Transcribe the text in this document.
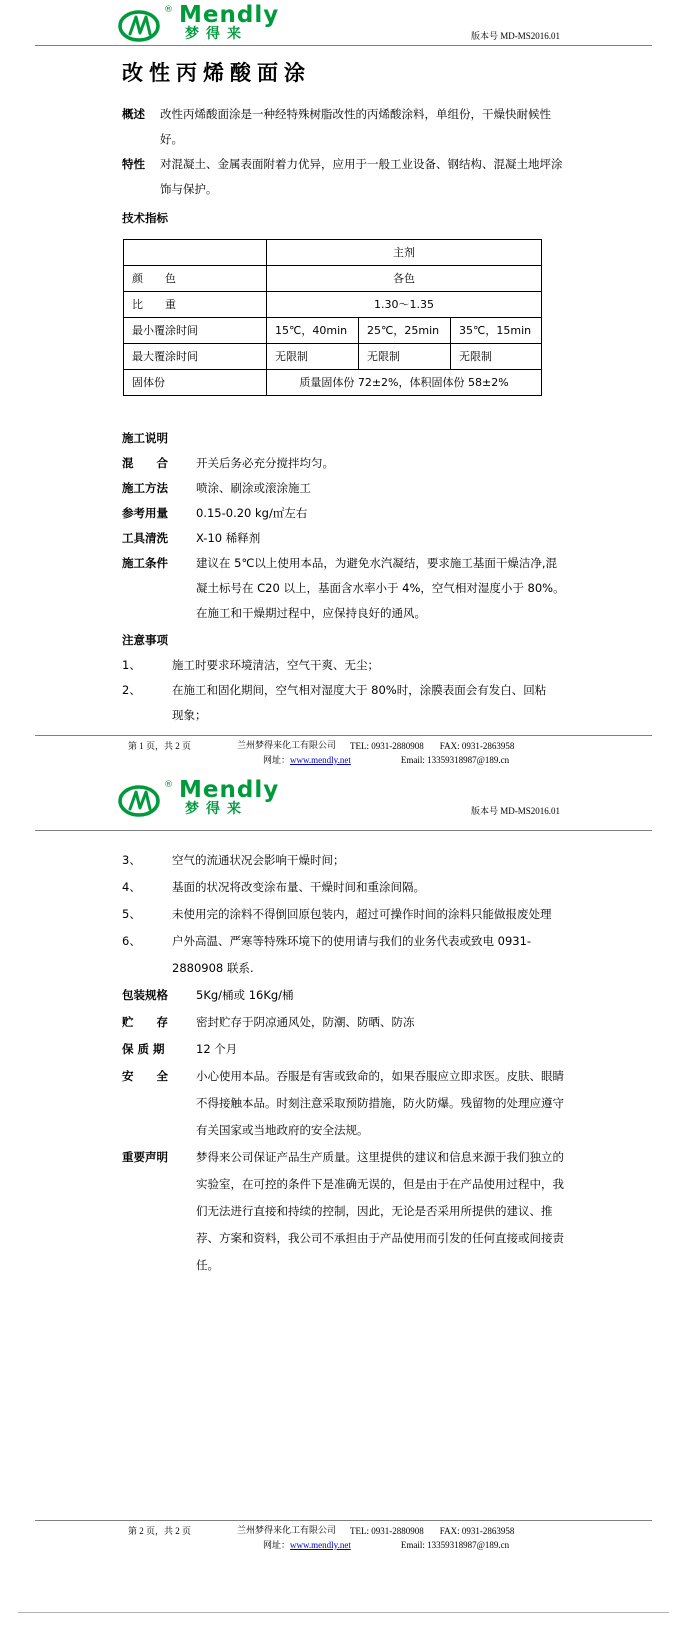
® Mendly
梦得来	版本号 MD-MS2016.01
改性丙烯酸面涂
概述	改性丙烯酸面涂是一种经特殊树脂改性的丙烯酸涂料，单组份，干燥快耐候性好。
特性	对混凝土、金属表面附着力优异，应用于一般工业设备、钢结构、混凝土地坪涂饰与保护。
技术指标
	主剂		
颜　　色	各色		
比　　重	1.30～1.35		
最小覆涂时间	15℃，40min	25℃，25min	35℃，15min
最大覆涂时间	无限制	无限制	无限制
固体份	质量固体份 72±2%，体积固体份 58±2%		
施工说明
混　　合	开关后务必充分搅拌均匀。
施工方法	喷涂、刷涂或滚涂施工
参考用量	0.15-0.20 kg/㎡左右
工具清洗	X-10 稀释剂
施工条件	建议在 5℃以上使用本品，为避免水汽凝结，要求施工基面干燥洁净,混凝土标号在 C20 以上，基面含水率小于 4%，空气相对湿度小于 80%。在施工和干燥期过程中，应保持良好的通风。
注意事项
1、	施工时要求环境清洁，空气干爽、无尘；
2、	在施工和固化期间，空气相对湿度大于 80%时，涂膜表面会有发白、回粘现象；
第 1 页，共 2 页	兰州梦得来化工有限公司 TEL: 0931-2880908 FAX: 0931-2863958
网址： www.mendly.net	Email: 13359318987@189.cn
® Mendly
梦得来	版本号 MD-MS2016.01
3、	空气的流通状况会影响干燥时间；
4、	基面的状况将改变涂布量、干燥时间和重涂间隔。
5、	未使用完的涂料不得倒回原包装内，超过可操作时间的涂料只能做报废处理
6、	户外高温、严寒等特殊环境下的使用请与我们的业务代表或致电 0931-2880908 联系.
包装规格	5Kg/桶或 16Kg/桶
贮　　存	密封贮存于阴凉通风处，防潮、防晒、防冻
保 质 期	12 个月
安　　全	小心使用本品。吞服是有害或致命的，如果吞服应立即求医。皮肤、眼睛不得接触本品。时刻注意采取预防措施，防火防爆。残留物的处理应遵守有关国家或当地政府的安全法规。
重要声明	梦得来公司保证产品生产质量。这里提供的建议和信息来源于我们独立的实验室，在可控的条件下是准确无误的，但是由于在产品使用过程中，我们无法进行直接和持续的控制，因此，无论是否采用所提供的建议、推荐、方案和资料，我公司不承担由于产品使用而引发的任何直接或间接责任。
第 2 页，共 2 页	兰州梦得来化工有限公司 TEL: 0931-2880908 FAX: 0931-2863958
网址： www.mendly.net	Email: 13359318987@189.cn
